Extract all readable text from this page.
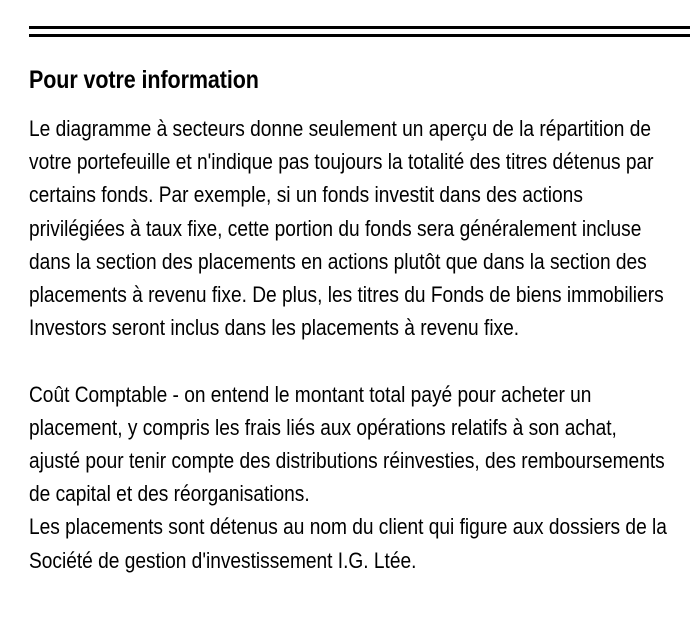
Pour votre information

Le diagramme à secteurs donne seulement un aperçu de la répartition de votre portefeuille et n'indique pas toujours la totalité des titres détenus par certains fonds. Par exemple, si un fonds investit dans des actions privilégiées à taux fixe, cette portion du fonds sera généralement incluse dans la section des placements en actions plutôt que dans la section des placements à revenu fixe. De plus, les titres du Fonds de biens immobiliers Investors seront inclus dans les placements à revenu fixe.

Coût Comptable - on entend le montant total payé pour acheter un placement, y compris les frais liés aux opérations relatifs à son achat, ajusté pour tenir compte des distributions réinvesties, des remboursements de capital et des réorganisations.

Les placements sont détenus au nom du client qui figure aux dossiers de la Société de gestion d'investissement I.G. Ltée.
